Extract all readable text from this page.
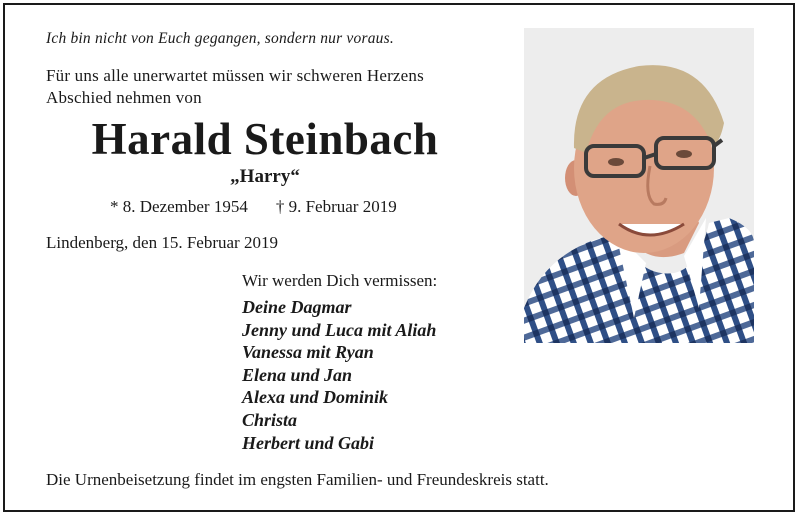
Ich bin nicht von Euch gegangen, sondern nur voraus.
Für uns alle unerwartet müssen wir schweren Herzens
Abschied nehmen von
Harald Steinbach
„Harry“
* 8. Dezember 1954 † 9. Februar 2019
Lindenberg, den 15. Februar 2019
Wir werden Dich vermissen:
Deine Dagmar
Jenny und Luca mit Aliah
Vanessa mit Ryan
Elena und Jan
Alexa und Dominik
Christa
Herbert und Gabi
Die Urnenbeisetzung findet im engsten Familien- und Freundeskreis statt.
